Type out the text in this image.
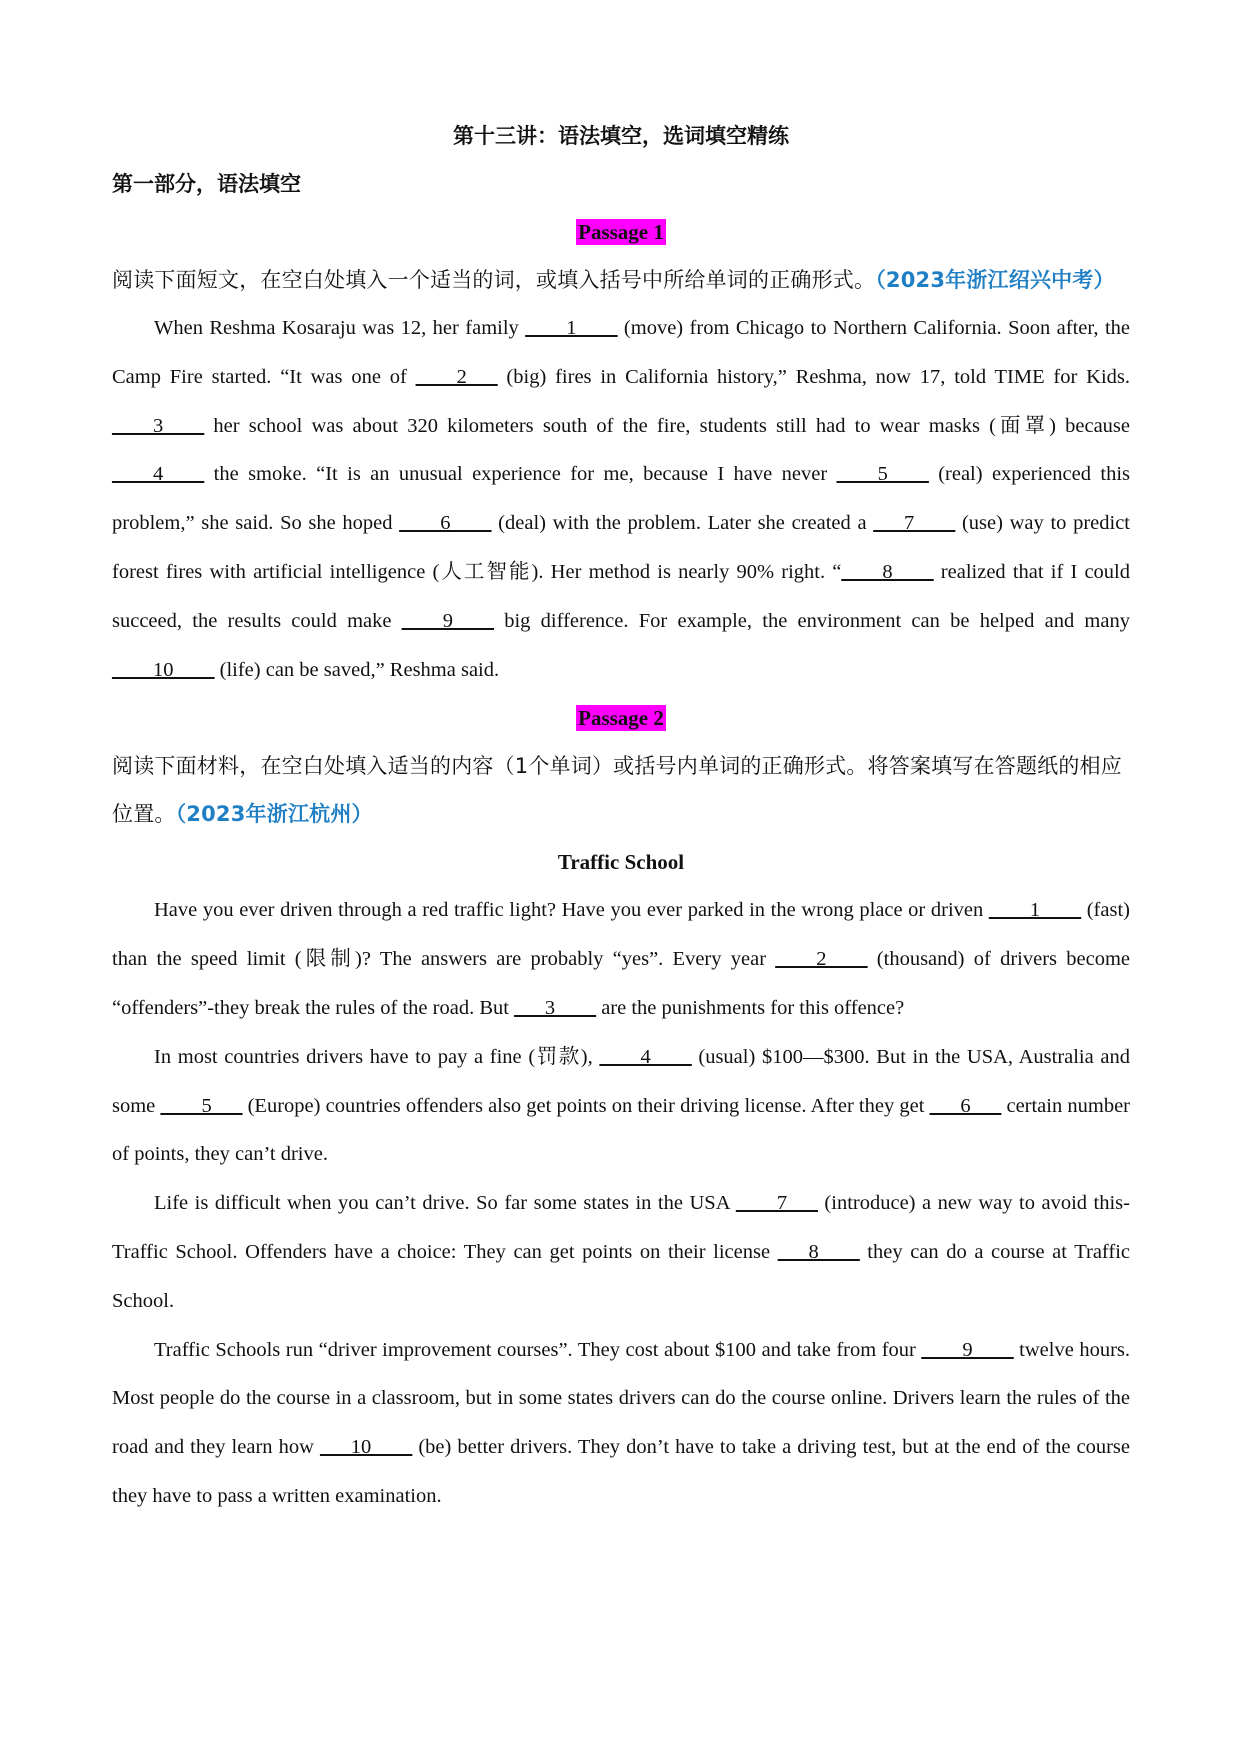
第十三讲：语法填空，选词填空精练
第一部分，语法填空
Passage 1
阅读下面短文，在空白处填入一个适当的词，或填入括号中所给单词的正确形式。（2023年浙江绍兴中考）

When Reshma Kosaraju was 12, her family ____1____ (move) from Chicago to Northern California. Soon after, the Camp Fire started. “It was one of ____2___ (big) fires in California history,” Reshma, now 17, told TIME for Kids. ____3____ her school was about 320 kilometers south of the fire, students still had to wear masks (面罩) because ____4____ the smoke. “It is an unusual experience for me, because I have never ____5____ (real) experienced this problem,” she said. So she hoped ____6____ (deal) with the problem. Later she created a ___7____ (use) way to predict forest fires with artificial intelligence (人工智能). Her method is nearly 90% right. “____8____ realized that if I could succeed, the results could make ____9____ big difference. For example, the environment can be helped and many ____10____ (life) can be saved,” Reshma said.

Passage 2
阅读下面材料，在空白处填入适当的内容（1个单词）或括号内单词的正确形式。将答案填写在答题纸的相应位置。（2023年浙江杭州）
Traffic School

Have you ever driven through a red traffic light? Have you ever parked in the wrong place or driven ____1____ (fast) than the speed limit (限制)? The answers are probably “yes”. Every year ____2____ (thousand) of drivers become “offenders”-they break the rules of the road. But ___3____ are the punishments for this offence?

In most countries drivers have to pay a fine (罚款), ____4____ (usual) $100—$300. But in the USA, Australia and some ____5___ (Europe) countries offenders also get points on their driving license. After they get ___6___ certain number of points, they can’t drive.

Life is difficult when you can’t drive. So far some states in the USA ____7___ (introduce) a new way to avoid this-Traffic School. Offenders have a choice: They can get points on their license ___8____ they can do a course at Traffic School.

Traffic Schools run “driver improvement courses”. They cost about $100 and take from four ____9____ twelve hours. Most people do the course in a classroom, but in some states drivers can do the course online. Drivers learn the rules of the road and they learn how ___10____ (be) better drivers. They don’t have to take a driving test, but at the end of the course they have to pass a written examination.
